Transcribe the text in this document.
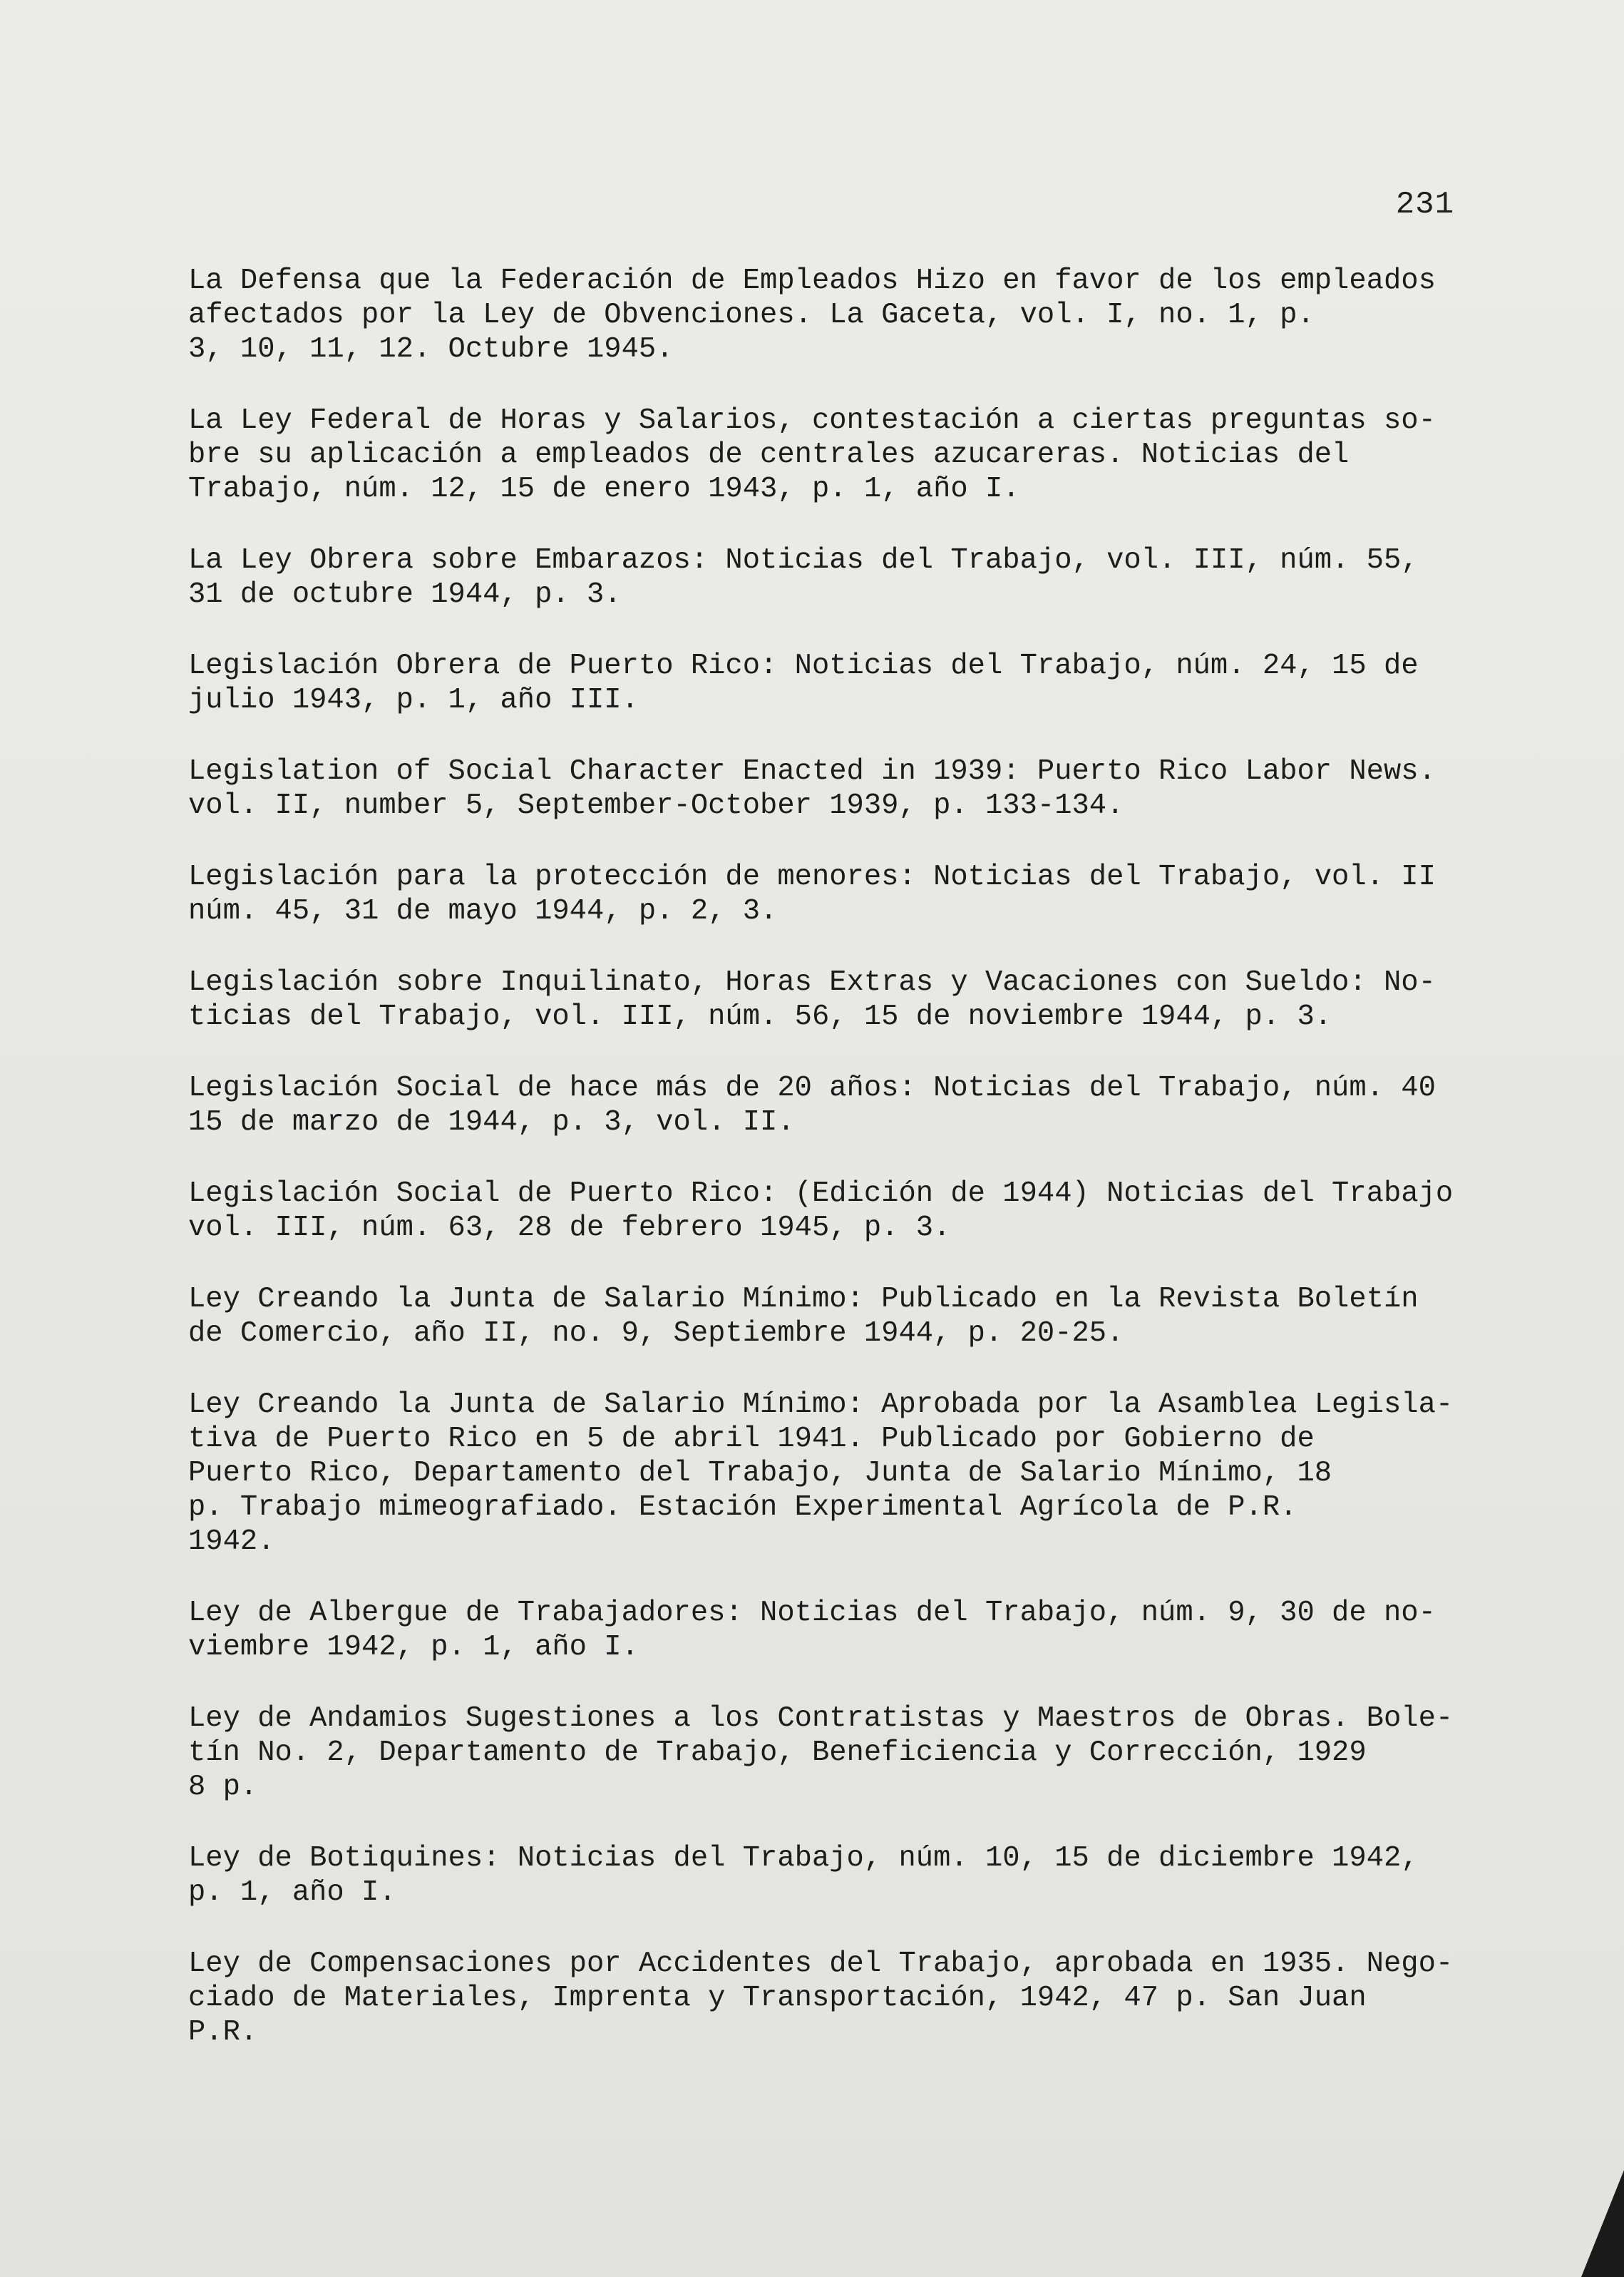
231
La Defensa que la Federación de Empleados Hizo en favor de los empleados
afectados por la Ley de Obvenciones. La Gaceta, vol. I, no. 1, p.
3, 10, 11, 12. Octubre 1945.
La Ley Federal de Horas y Salarios, contestación a ciertas preguntas so-
bre su aplicación a empleados de centrales azucareras. Noticias del
Trabajo, núm. 12, 15 de enero 1943, p. 1, año I.
La Ley Obrera sobre Embarazos: Noticias del Trabajo, vol. III, núm. 55,
31 de octubre 1944, p. 3.
Legislación Obrera de Puerto Rico: Noticias del Trabajo, núm. 24, 15 de
julio 1943, p. 1, año III.
Legislation of Social Character Enacted in 1939: Puerto Rico Labor News.
vol. II, number 5, September-October 1939, p. 133-134.
Legislación para la protección de menores: Noticias del Trabajo, vol. II
núm. 45, 31 de mayo 1944, p. 2, 3.
Legislación sobre Inquilinato, Horas Extras y Vacaciones con Sueldo: No-
ticias del Trabajo, vol. III, núm. 56, 15 de noviembre 1944, p. 3.
Legislación Social de hace más de 20 años: Noticias del Trabajo, núm. 40
15 de marzo de 1944, p. 3, vol. II.
Legislación Social de Puerto Rico: (Edición de 1944) Noticias del Trabajo
vol. III, núm. 63, 28 de febrero 1945, p. 3.
Ley Creando la Junta de Salario Mínimo: Publicado en la Revista Boletín
de Comercio, año II, no. 9, Septiembre 1944, p. 20-25.
Ley Creando la Junta de Salario Mínimo: Aprobada por la Asamblea Legisla-
tiva de Puerto Rico en 5 de abril 1941. Publicado por Gobierno de
Puerto Rico, Departamento del Trabajo, Junta de Salario Mínimo, 18
p. Trabajo mimeografiado. Estación Experimental Agrícola de P.R.
1942.
Ley de Albergue de Trabajadores: Noticias del Trabajo, núm. 9, 30 de no-
viembre 1942, p. 1, año I.
Ley de Andamios Sugestiones a los Contratistas y Maestros de Obras. Bole-
tín No. 2, Departamento de Trabajo, Beneficiencia y Corrección, 1929
8 p.
Ley de Botiquines: Noticias del Trabajo, núm. 10, 15 de diciembre 1942,
p. 1, año I.
Ley de Compensaciones por Accidentes del Trabajo, aprobada en 1935. Nego-
ciado de Materiales, Imprenta y Transportación, 1942, 47 p. San Juan
P.R.
